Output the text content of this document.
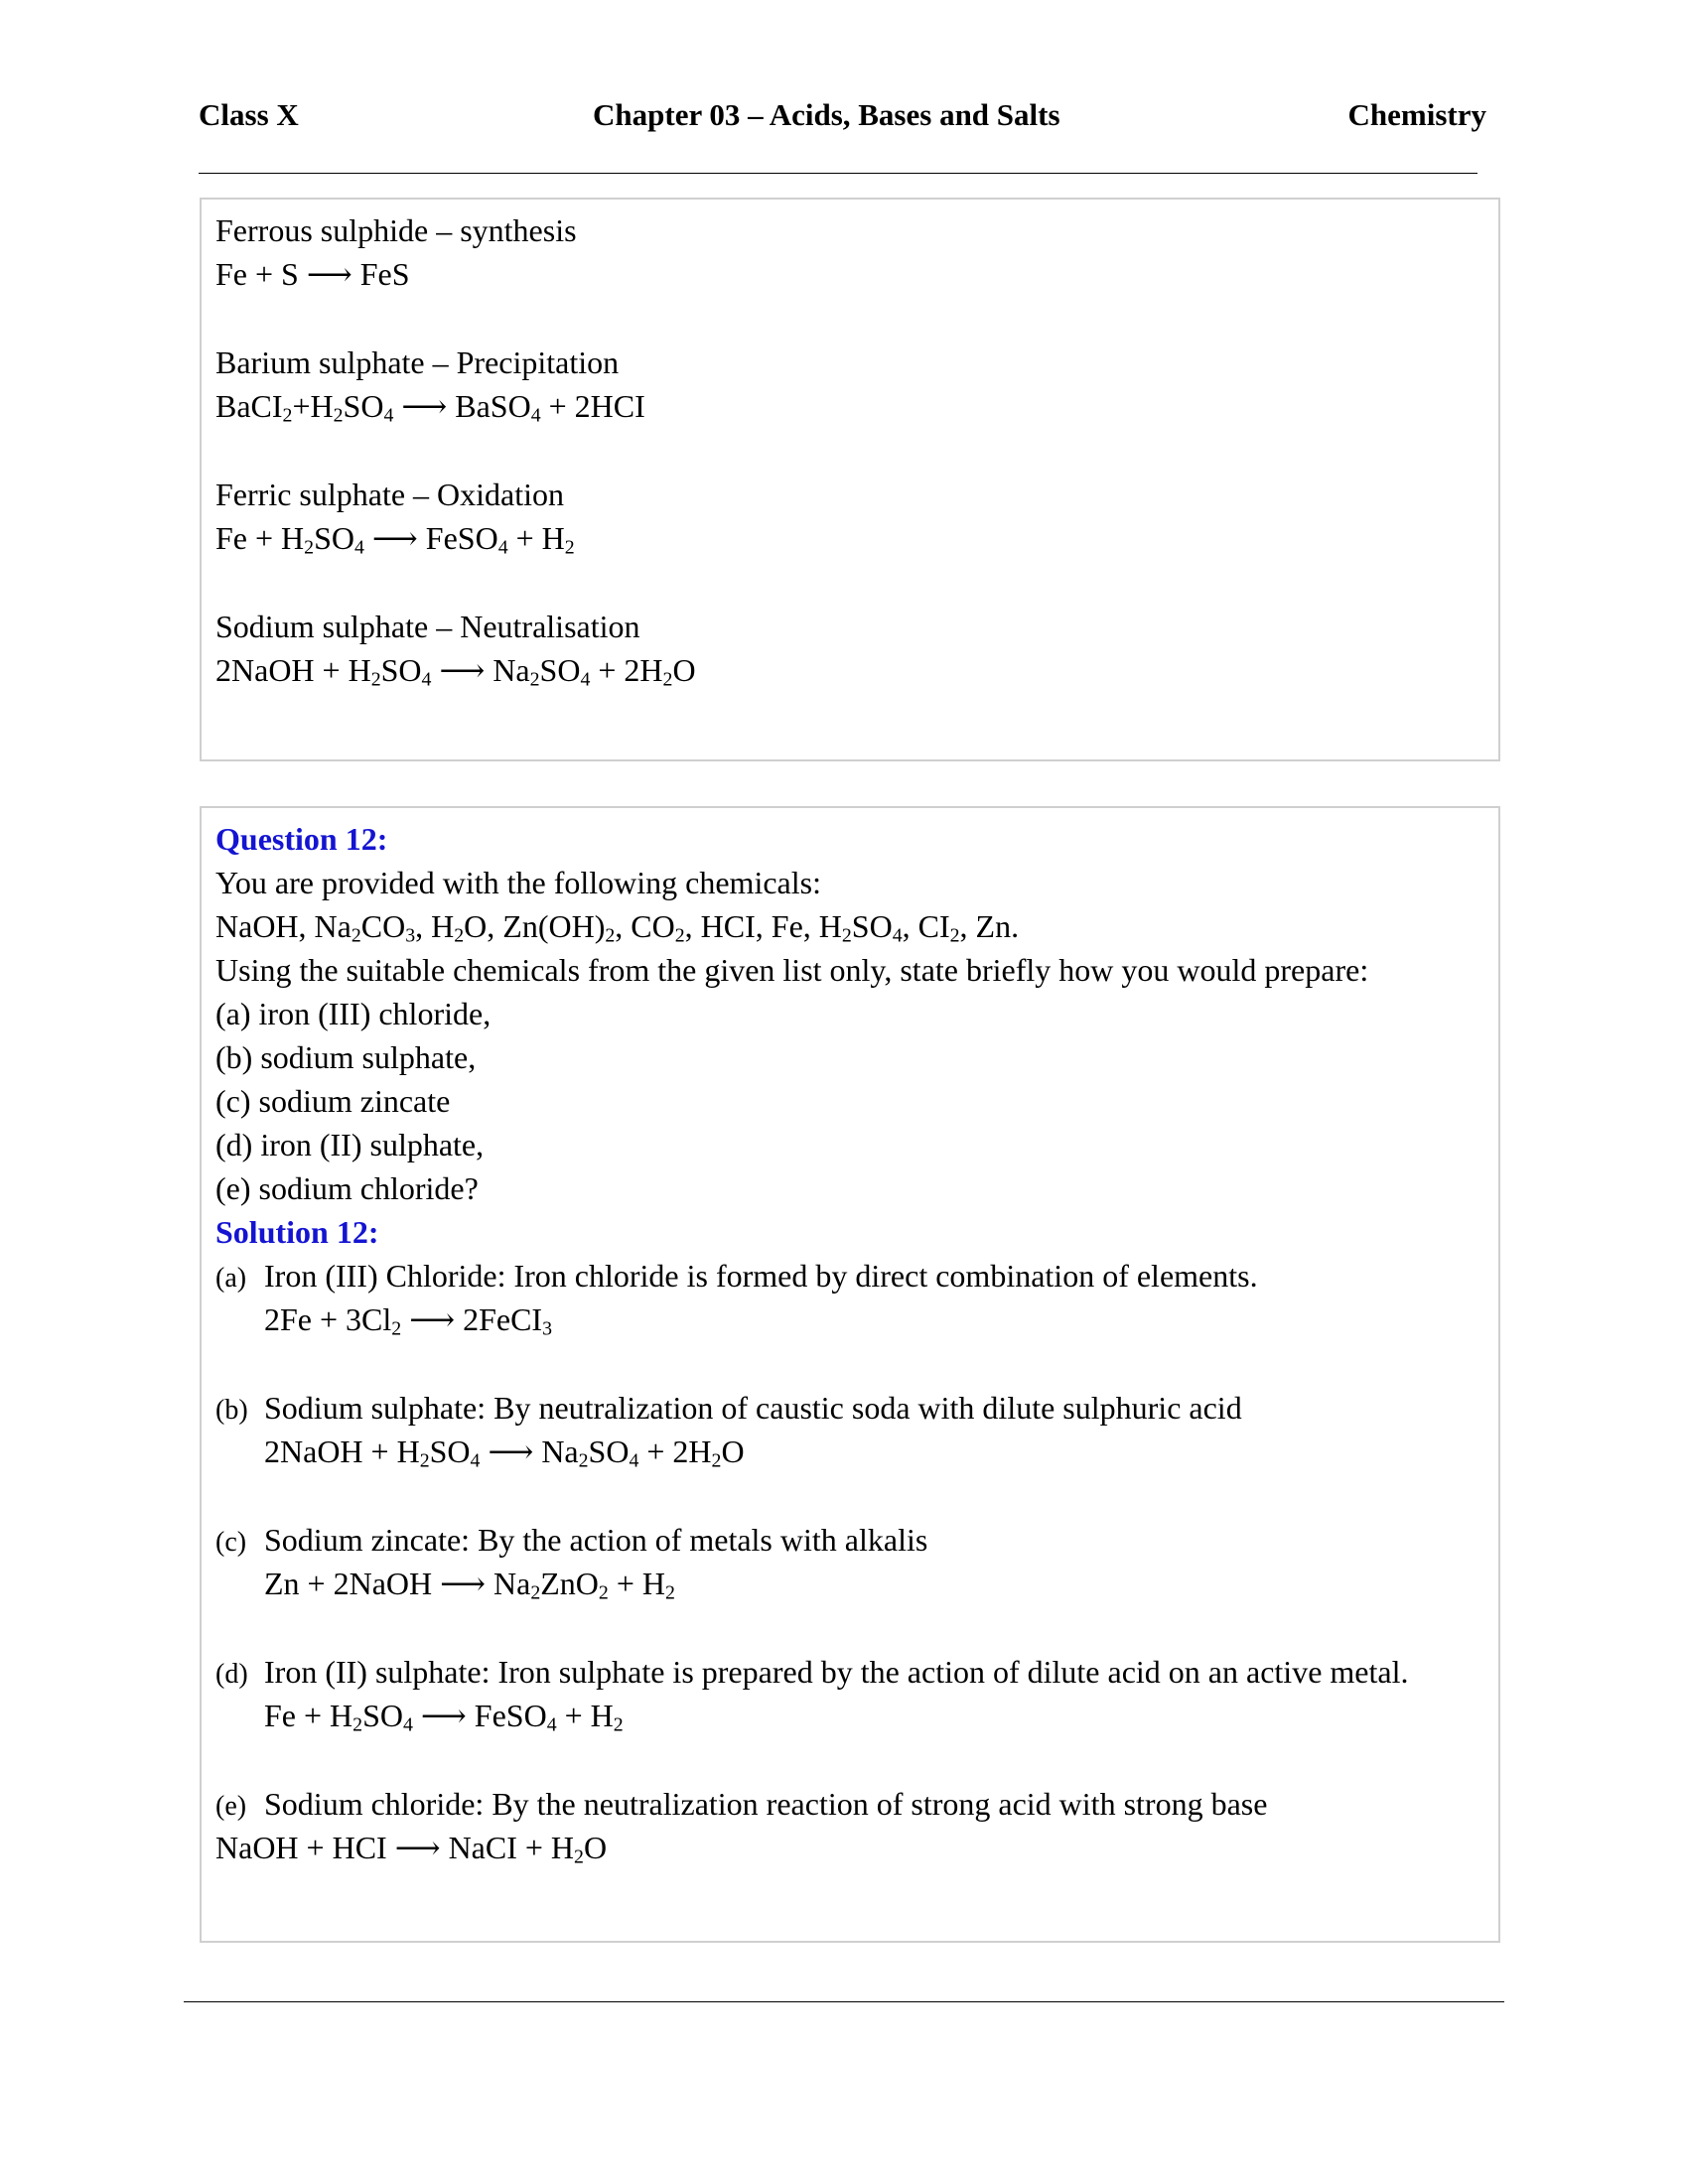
Class X	Chapter 03 – Acids, Bases and Salts	Chemistry
Ferrous sulphide – synthesis
Fe + S ⟶ FeS
Barium sulphate – Precipitation
$BaCI_2+H_2SO_4$ ⟶ BaSO$_4$ + 2HCI
Ferric sulphate – Oxidation
$Fe + H_2SO_4$ ⟶ FeSO$_4$ + $H_2$
Sodium sulphate – Neutralisation
2NaOH + $H_2SO_4$ ⟶ $Na_2SO_4 + 2H_2O$
Question 12:
You are provided with the following chemicals:
NaOH, $Na_2CO_3$, $H_2O$, $Zn(OH)_2$, $CO_2$, HCI, Fe, $H_2SO_4$, $CI_2$, Zn.
Using the suitable chemicals from the given list only, state briefly how you would prepare:
(a) iron (III) chloride,
(b) sodium sulphate,
(c) sodium zincate
(d) iron (II) sulphate,
(e) sodium chloride?
Solution 12:
(a) Iron (III) Chloride: Iron chloride is formed by direct combination of elements.
$2Fe + 3Cl_2$ ⟶ 2FeCI$_3$
(b) Sodium sulphate: By neutralization of caustic soda with dilute sulphuric acid
2NaOH + $H_2SO_4$ ⟶ $Na_2SO_4 + 2H_2O$
(c) Sodium zincate: By the action of metals with alkalis
Zn + 2NaOH ⟶ $Na_2ZnO_2 + H_2$
(d) Iron (II) sulphate: Iron sulphate is prepared by the action of dilute acid on an active metal.
$Fe + H_2SO_4$ ⟶ FeSO$_4$ + $H_2$
(e) Sodium chloride: By the neutralization reaction of strong acid with strong base
NaOH + HCI ⟶ NaCI + $H_2O$
